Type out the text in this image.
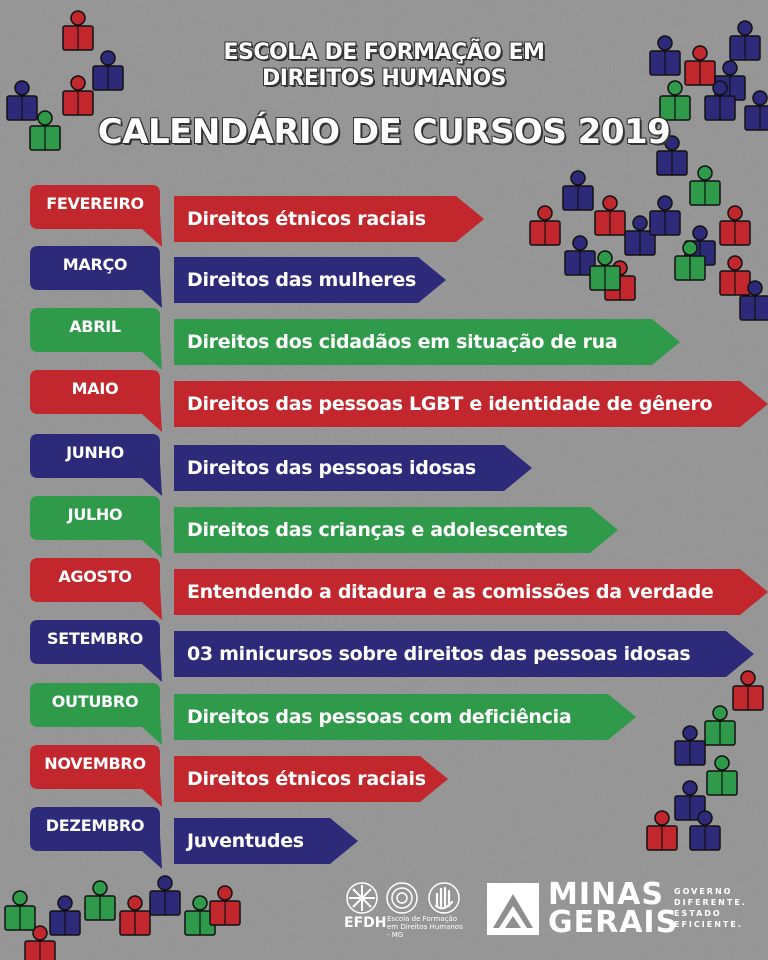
ESCOLA DE FORMAÇÃO EM
DIREITOS HUMANOS
CALENDÁRIO DE CURSOS 2019
FEVEREIRO
Direitos étnicos raciais
MARÇO
Direitos das mulheres
ABRIL
Direitos dos cidadãos em situação de rua
MAIO
Direitos das pessoas LGBT e identidade de gênero
JUNHO
Direitos das pessoas idosas
JULHO
Direitos das crianças e adolescentes
AGOSTO
Entendendo a ditadura e as comissões da verdade
SETEMBRO
03 minicursos sobre direitos das pessoas idosas
OUTUBRO
Direitos das pessoas com deficiência
NOVEMBRO
Direitos étnicos raciais
DEZEMBRO
Juventudes
EFDH Escola de Formação em Direitos Humanos - MG
MINAS
GERAIS
GOVERNO
DIFERENTE.
ESTADO
EFICIENTE.
